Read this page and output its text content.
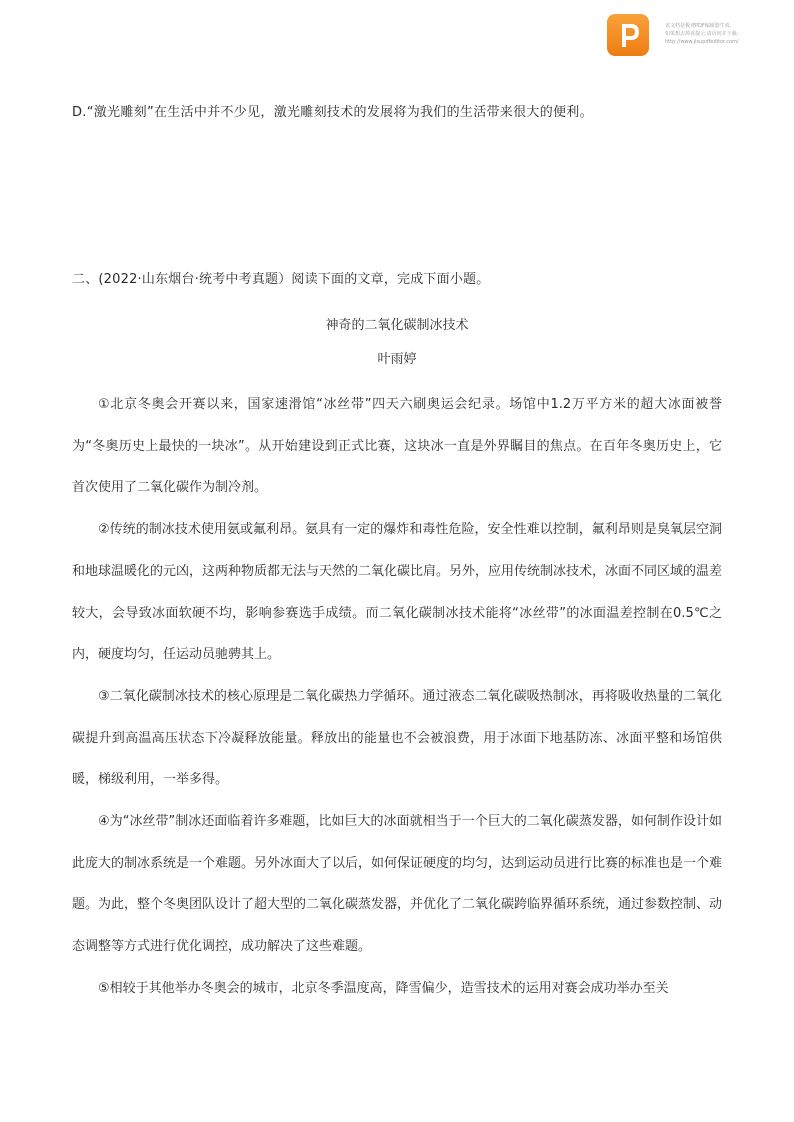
该文档是极速PDF编辑器生成,
如果想去掉该提示,请访问并下载:
http://www.jisupdfeditor.com/
D.“激光雕刻”在生活中并不少见，激光雕刻技术的发展将为我们的生活带来很大的便利。
二、(2022·山东烟台·统考中考真题）阅读下面的文章，完成下面小题。
神奇的二氧化碳制冰技术
叶雨婷

①北京冬奥会开赛以来，国家速滑馆“冰丝带”四天六刷奥运会纪录。场馆中1.2万平方米的超大冰面被誉为“冬奥历史上最快的一块冰”。从开始建设到正式比赛，这块冰一直是外界瞩目的焦点。在百年冬奥历史上，它首次使用了二氧化碳作为制冷剂。

②传统的制冰技术使用氨或氟利昂。氨具有一定的爆炸和毒性危险，安全性难以控制，氟利昂则是臭氧层空洞和地球温暖化的元凶，这两种物质都无法与天然的二氧化碳比肩。另外，应用传统制冰技术，冰面不同区域的温差较大，会导致冰面软硬不均，影响参赛选手成绩。而二氧化碳制冰技术能将“冰丝带”的冰面温差控制在0.5℃之内，硬度均匀，任运动员驰骋其上。

③二氧化碳制冰技术的核心原理是二氧化碳热力学循环。通过液态二氧化碳吸热制冰，再将吸收热量的二氧化碳提升到高温高压状态下冷凝释放能量。释放出的能量也不会被浪费，用于冰面下地基防冻、冰面平整和场馆供暖，梯级利用，一举多得。

④为“冰丝带”制冰还面临着许多难题，比如巨大的冰面就相当于一个巨大的二氧化碳蒸发器，如何制作设计如此庞大的制冰系统是一个难题。另外冰面大了以后，如何保证硬度的均匀，达到运动员进行比赛的标准也是一个难题。为此，整个冬奥团队设计了超大型的二氧化碳蒸发器，并优化了二氧化碳跨临界循环系统，通过参数控制、动态调整等方式进行优化调控，成功解决了这些难题。

⑤相较于其他举办冬奥会的城市，北京冬季温度高，降雪偏少，造雪技术的运用对赛会成功举办至关
